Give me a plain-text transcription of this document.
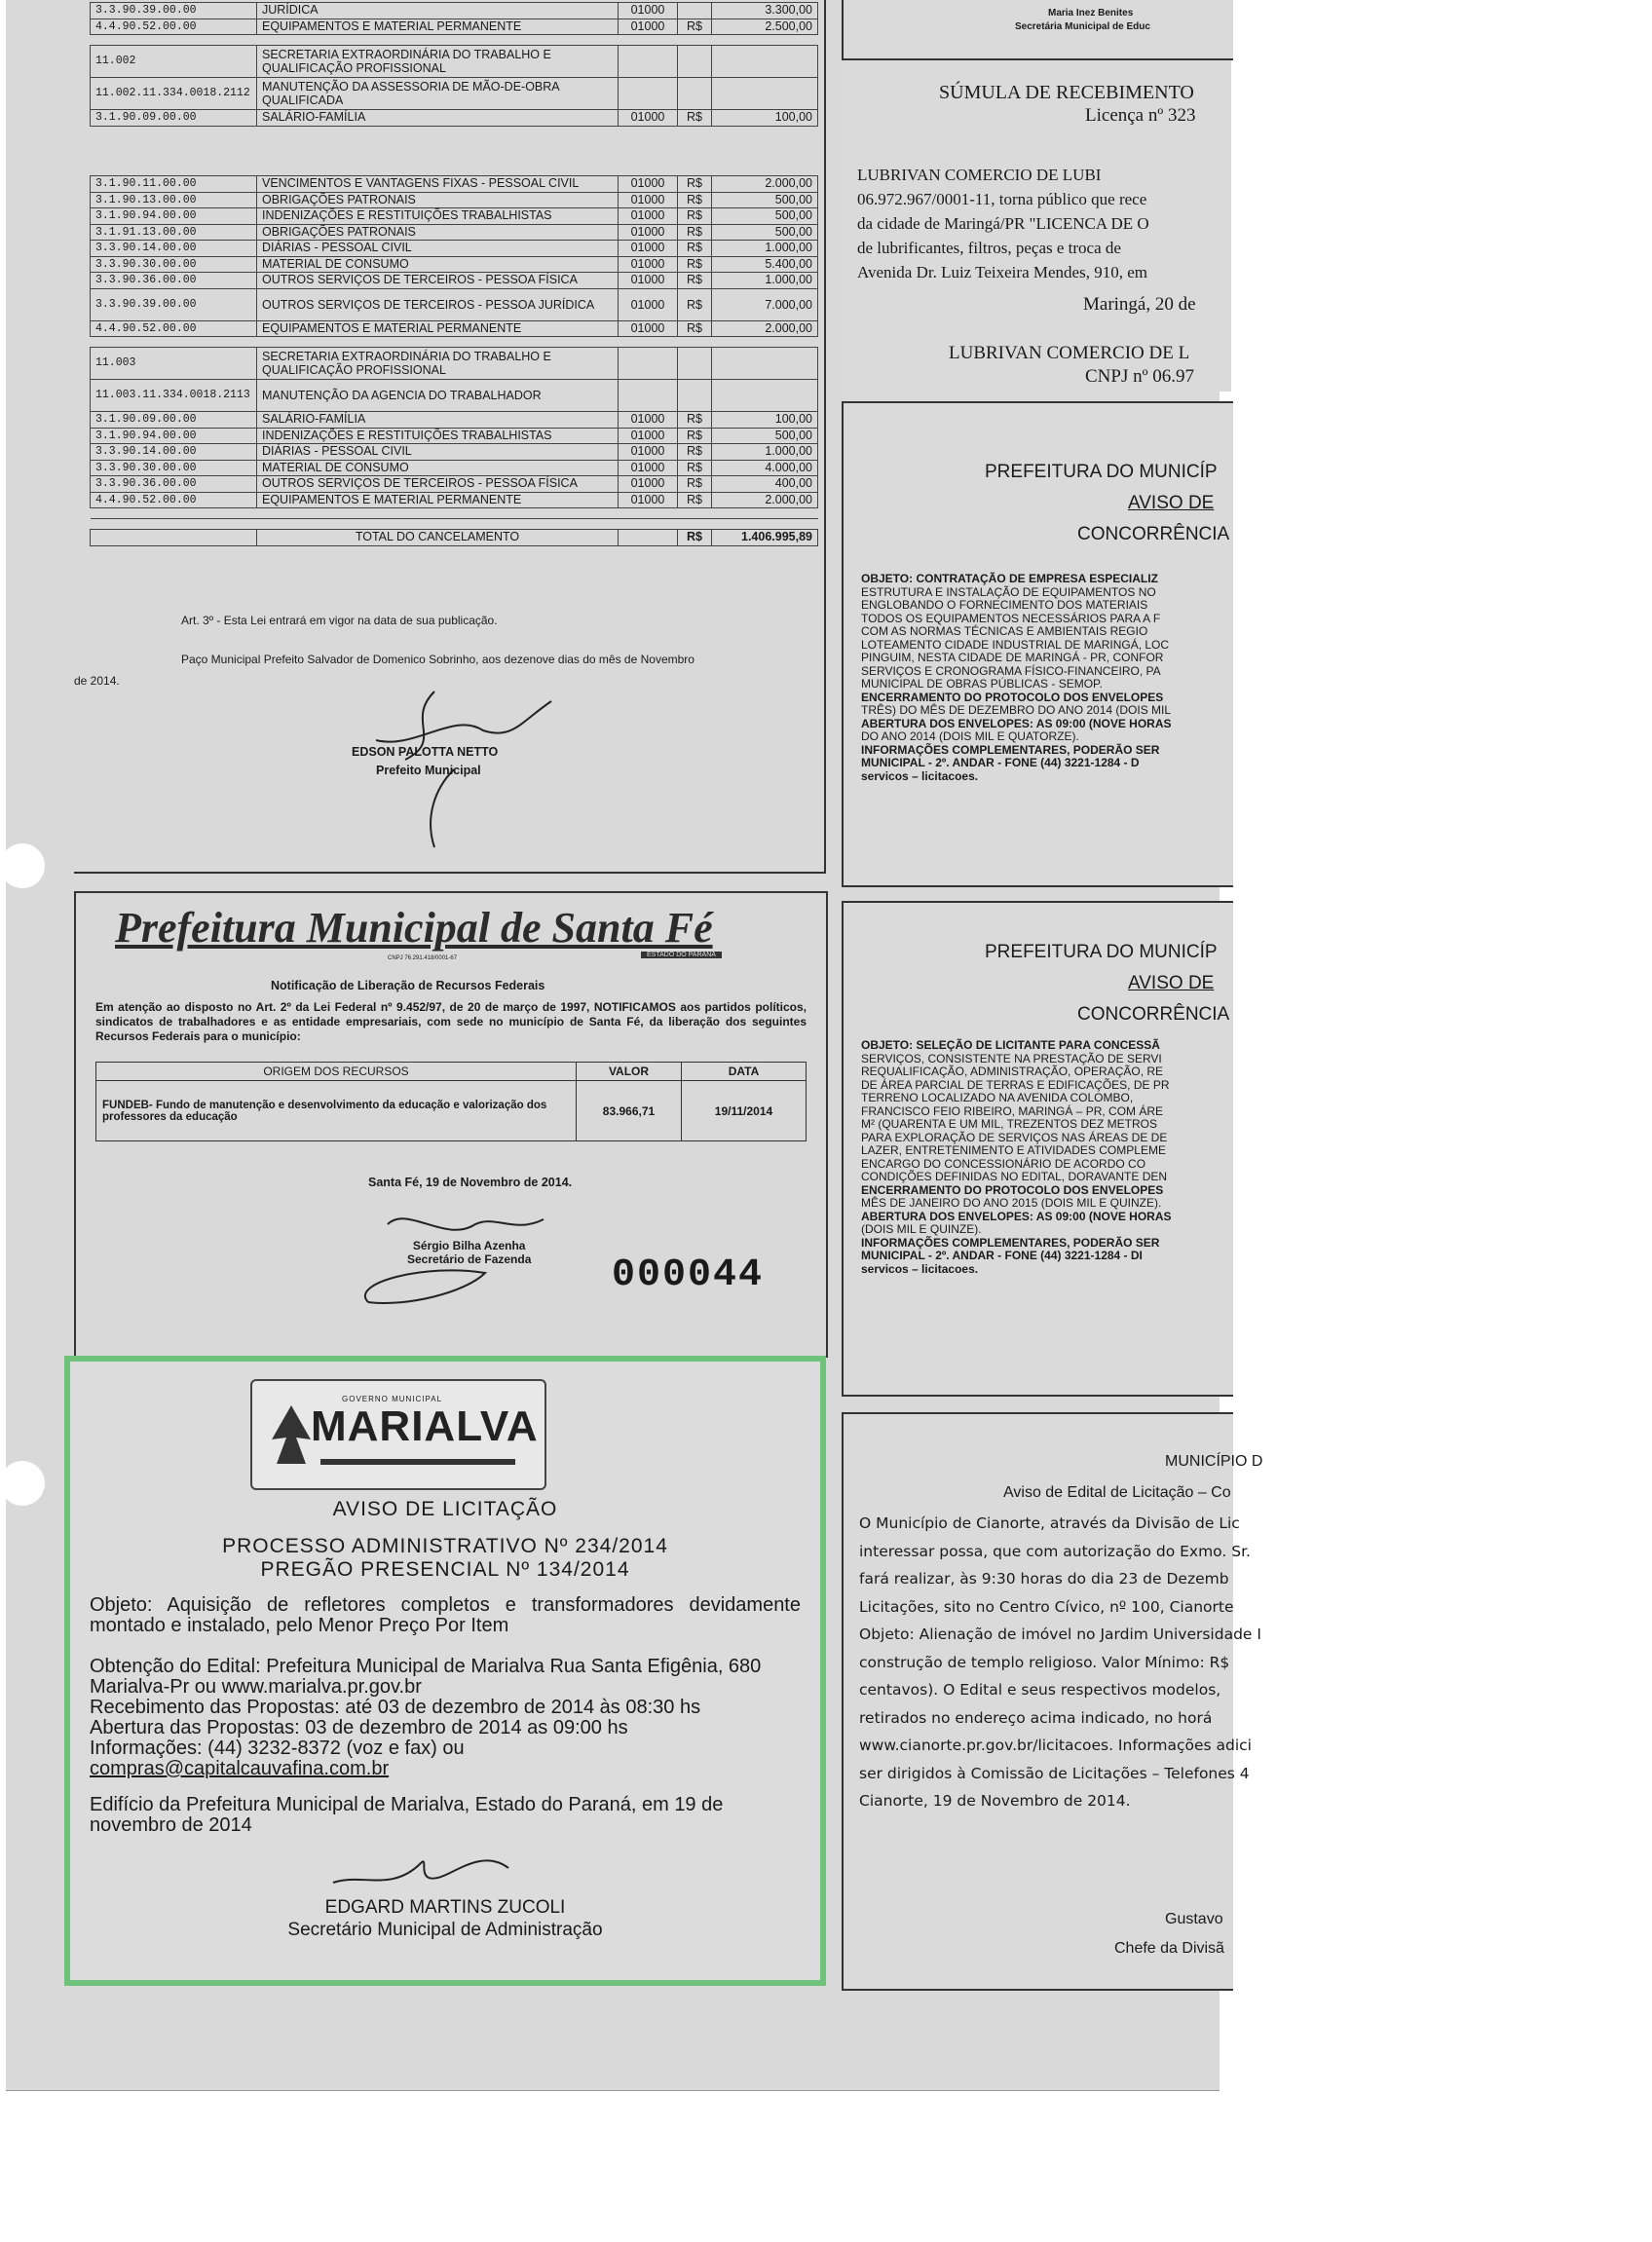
3.3.90.39.00.00	JURÍDICA	01000		3.300,00
4.4.90.52.00.00	EQUIPAMENTOS E MATERIAL PERMANENTE	01000	R$	2.500,00

11.002	SECRETARIA EXTRAORDINÁRIA DO TRABALHO E QUALIFICAÇÃO PROFISSIONAL			
11.002.11.334.0018.2112	MANUTENÇÃO DA ASSESSORIA DE MÃO-DE-OBRA QUALIFICADA			
3.1.90.09.00.00	SALÁRIO-FAMÍLIA	01000	R$	100,00
3.1.90.11.00.00	VENCIMENTOS E VANTAGENS FIXAS - PESSOAL CIVIL	01000	R$	2.000,00
3.1.90.13.00.00	OBRIGAÇÕES PATRONAIS	01000	R$	500,00
3.1.90.94.00.00	INDENIZAÇÕES E RESTITUIÇÕES TRABALHISTAS	01000	R$	500,00
3.1.91.13.00.00	OBRIGAÇÕES PATRONAIS	01000	R$	500,00
3.3.90.14.00.00	DIÁRIAS - PESSOAL CIVIL	01000	R$	1.000,00
3.3.90.30.00.00	MATERIAL DE CONSUMO	01000	R$	5.400,00
3.3.90.36.00.00	OUTROS SERVIÇOS DE TERCEIROS - PESSOA FÍSICA	01000	R$	1.000,00
3.3.90.39.00.00	OUTROS SERVIÇOS DE TERCEIROS - PESSOA JURÍDICA	01000	R$	7.000,00
4.4.90.52.00.00	EQUIPAMENTOS E MATERIAL PERMANENTE	01000	R$	2.000,00

11.003	SECRETARIA EXTRAORDINÁRIA DO TRABALHO E QUALIFICAÇÃO PROFISSIONAL			
11.003.11.334.0018.2113	MANUTENÇÃO DA AGENCIA DO TRABALHADOR			
3.1.90.09.00.00	SALÁRIO-FAMÍLIA	01000	R$	100,00
3.1.90.94.00.00	INDENIZAÇÕES E RESTITUIÇÕES TRABALHISTAS	01000	R$	500,00
3.3.90.14.00.00	DIÁRIAS - PESSOAL CIVIL	01000	R$	1.000,00
3.3.90.30.00.00	MATERIAL DE CONSUMO	01000	R$	4.000,00
3.3.90.36.00.00	OUTROS SERVIÇOS DE TERCEIROS - PESSOA FÍSICA	01000	R$	400,00
4.4.90.52.00.00	EQUIPAMENTOS E MATERIAL PERMANENTE	01000	R$	2.000,00

	TOTAL DO CANCELAMENTO		R$	1.406.995,89
Art. 3º - Esta Lei entrará em vigor na data de sua publicação.
Paço Municipal Prefeito Salvador de Domenico Sobrinho, aos dezenove dias do mês de Novembro
de 2014.
EDSON PALOTTA NETTO
Prefeito Municipal
Prefeitura Municipal de Santa Fé
CNPJ 76.291.418/0001-67	ESTADO DO PARANÁ
Notificação de Liberação de Recursos Federais
Em atenção ao disposto no Art. 2º da Lei Federal nº 9.452/97, de 20 de março de 1997, NOTIFICAMOS aos partidos políticos, sindicatos de trabalhadores e as entidade empresariais, com sede no município de Santa Fé, da liberação dos seguintes Recursos Federais para o município:
ORIGEM DOS RECURSOS	VALOR	DATA
FUNDEB- Fundo de manutenção e desenvolvimento da educação e valorização dos professores da educação	83.966,71	19/11/2014
Santa Fé, 19 de Novembro de 2014.
Sérgio Bilha Azenha
Secretário de Fazenda 000044
GOVERNO MUNICIPAL
MARIALVA
AVISO DE LICITAÇÃO
PROCESSO ADMINISTRATIVO Nº 234/2014
PREGÃO PRESENCIAL Nº 134/2014
Objeto: Aquisição de refletores completos e transformadores devidamente montado e instalado, pelo Menor Preço Por Item
Obtenção do Edital: Prefeitura Municipal de Marialva Rua Santa Efigênia, 680 Marialva-Pr ou www.marialva.pr.gov.br
Recebimento das Propostas: até 03 de dezembro de 2014 às 08:30 hs
Abertura das Propostas: 03 de dezembro de 2014 as 09:00 hs
Informações: (44) 3232-8372 (voz e fax) ou
compras@capitalcauvafina.com.br
Edifício da Prefeitura Municipal de Marialva, Estado do Paraná, em 19 de novembro de 2014
EDGARD MARTINS ZUCOLI
Secretário Municipal de Administração
Maria Inez Benites
Secretária Municipal de Educ
SÚMULA DE RECEBIMENTO
Licença nº 323
LUBRIVAN COMERCIO DE LUBI
06.972.967/0001-11, torna público que rece
da cidade de Maringá/PR "LICENCA DE O
de lubrificantes, filtros, peças e troca de
Avenida Dr. Luiz Teixeira Mendes, 910, em
Maringá, 20 de
LUBRIVAN COMERCIO DE L
CNPJ nº 06.97
PREFEITURA DO MUNICÍP
AVISO DE
CONCORRÊNCIA
OBJETO: CONTRATAÇÃO DE EMPRESA ESPECIALIZ
ESTRUTURA E INSTALAÇÃO DE EQUIPAMENTOS NO
ENGLOBANDO O FORNECIMENTO DOS MATERIAIS
TODOS OS EQUIPAMENTOS NECESSÁRIOS PARA A F
COM AS NORMAS TÉCNICAS E AMBIENTAIS REGIO
LOTEAMENTO CIDADE INDUSTRIAL DE MARINGÁ, LOC
PINGUIM, NESTA CIDADE DE MARINGÁ - PR, CONFOR
SERVIÇOS E CRONOGRAMA FÍSICO-FINANCEIRO, PA
MUNICIPAL DE OBRAS PÚBLICAS - SEMOP.
ENCERRAMENTO DO PROTOCOLO DOS ENVELOPES
TRÊS) DO MÊS DE DEZEMBRO DO ANO 2014 (DOIS MIL
ABERTURA DOS ENVELOPES: AS 09:00 (NOVE HORAS
DO ANO 2014 (DOIS MIL E QUATORZE).
INFORMAÇÕES COMPLEMENTARES, PODERÃO SER
MUNICIPAL - 2º. ANDAR - FONE (44) 3221-1284 - D
servicos – licitacoes.
PREFEITURA DO MUNICÍP
AVISO DE
CONCORRÊNCIA
OBJETO: SELEÇÃO DE LICITANTE PARA CONCESSÃ
SERVIÇOS, CONSISTENTE NA PRESTAÇÃO DE SERVI
REQUALIFICAÇÃO, ADMINISTRAÇÃO, OPERAÇÃO, RE
DE ÁREA PARCIAL DE TERRAS E EDIFICAÇÕES, DE PR
TERRENO LOCALIZADO NA AVENIDA COLOMBO,
FRANCISCO FEIO RIBEIRO, MARINGÁ – PR, COM ÁRE
M² (QUARENTA E UM MIL, TREZENTOS DEZ METROS
PARA EXPLORAÇÃO DE SERVIÇOS NAS ÁREAS DE DE
LAZER, ENTRETENIMENTO E ATIVIDADES COMPLEME
ENCARGO DO CONCESSIONÁRIO DE ACORDO CO
CONDIÇÕES DEFINIDAS NO EDITAL, DORAVANTE DEN
ENCERRAMENTO DO PROTOCOLO DOS ENVELOPES
MÊS DE JANEIRO DO ANO 2015 (DOIS MIL E QUINZE).
ABERTURA DOS ENVELOPES: AS 09:00 (NOVE HORAS
(DOIS MIL E QUINZE).
INFORMAÇÕES COMPLEMENTARES, PODERÃO SER
MUNICIPAL - 2º. ANDAR - FONE (44) 3221-1284 - DI
servicos – licitacoes.
MUNICÍPIO D
Aviso de Edital de Licitação – Co
O Município de Cianorte, através da Divisão de Lic
interessar possa, que com autorização do Exmo. Sr.
fará realizar, às 9:30 horas do dia 23 de Dezemb
Licitações, sito no Centro Cívico, nº 100, Cianorte
Objeto: Alienação de imóvel no Jardim Universidade I
construção de templo religioso. Valor Mínimo: R$
centavos). O Edital e seus respectivos modelos,
retirados no endereço acima indicado, no horá
www.cianorte.pr.gov.br/licitacoes. Informações adici
ser dirigidos à Comissão de Licitações – Telefones 4
Cianorte, 19 de Novembro de 2014.
Gustavo
Chefe da Divisã
